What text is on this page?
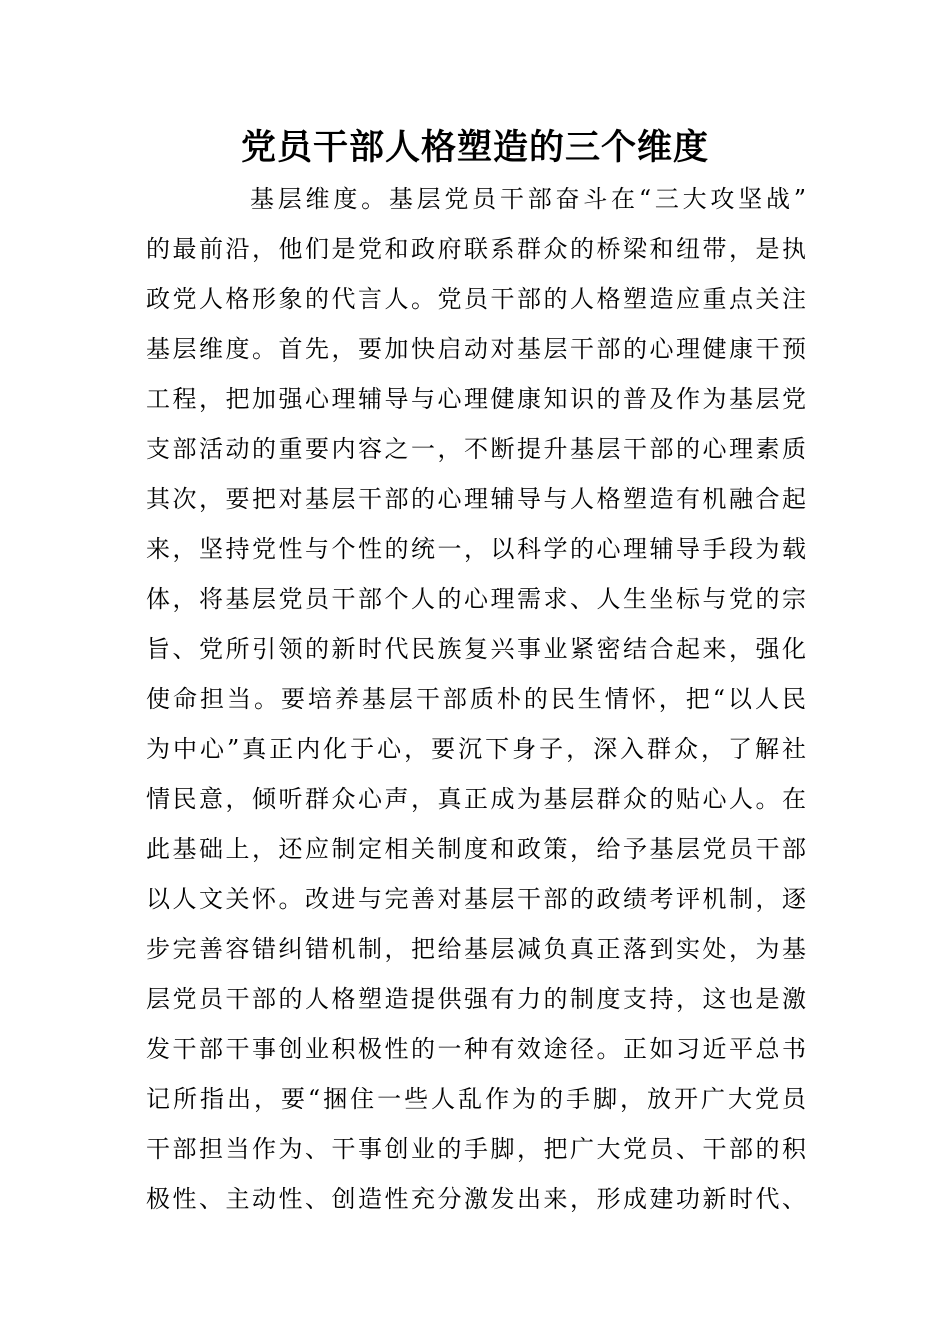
党员干部人格塑造的三个维度

基层维度。基层党员干部奋斗在“三大攻坚战”

的最前沿，他们是党和政府联系群众的桥梁和纽带，是执

政党人格形象的代言人。党员干部的人格塑造应重点关注

基层维度。首先，要加快启动对基层干部的心理健康干预

工程，把加强心理辅导与心理健康知识的普及作为基层党

支部活动的重要内容之一，不断提升基层干部的心理素质

其次，要把对基层干部的心理辅导与人格塑造有机融合起

来，坚持党性与个性的统一，以科学的心理辅导手段为载

体，将基层党员干部个人的心理需求、人生坐标与党的宗

旨、党所引领的新时代民族复兴事业紧密结合起来，强化

使命担当。要培养基层干部质朴的民生情怀，把“以人民

为中心”真正内化于心，要沉下身子，深入群众，了解社

情民意，倾听群众心声，真正成为基层群众的贴心人。在

此基础上，还应制定相关制度和政策，给予基层党员干部

以人文关怀。改进与完善对基层干部的政绩考评机制，逐

步完善容错纠错机制，把给基层减负真正落到实处，为基

层党员干部的人格塑造提供强有力的制度支持，这也是激

发干部干事创业积极性的一种有效途径。正如习近平总书

记所指出，要“捆住一些人乱作为的手脚，放开广大党员

干部担当作为、干事创业的手脚，把广大党员、干部的积

极性、主动性、创造性充分激发出来，形成建功新时代、
